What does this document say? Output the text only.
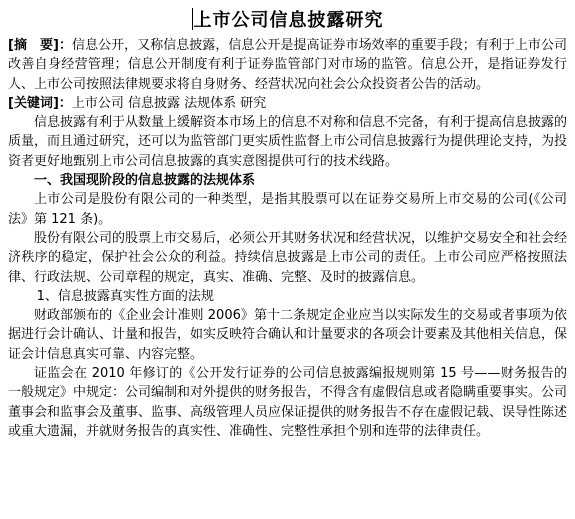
上市公司信息披露研究

[摘　要]：信息公开，又称信息披露，信息公开是提高证券市场效率的重要手段；有利于上市公司改善自身经营管理；信息公开制度有利于证券监管部门对市场的监管。信息公开，是指证券发行人、上市公司按照法律规要求将自身财务、经营状况向社会公众投资者公告的活动。

[关键词]：上市公司 信息披露 法规体系 研究

信息披露有利于从数量上缓解资本市场上的信息不对称和信息不完备，有利于提高信息披露的质量，而且通过研究，还可以为监管部门更实质性监督上市公司信息披露行为提供理论支持，为投资者更好地甄别上市公司信息披露的真实意图提供可行的技术线路。

一、我国现阶段的信息披露的法规体系

上市公司是股份有限公司的一种类型，是指其股票可以在证券交易所上市交易的公司(《公司法》第 121 条)。

股份有限公司的股票上市交易后，必须公开其财务状况和经营状况，以维护交易安全和社会经济秩序的稳定，保护社会公众的利益。持续信息披露是上市公司的责任。上市公司应严格按照法律、行政法规、公司章程的规定，真实、准确、完整、及时的披露信息。

1、信息披露真实性方面的法规

财政部颁布的《企业会计准则 2006》第十二条规定企业应当以实际发生的交易或者事项为依据进行会计确认、计量和报告，如实反映符合确认和计量要求的各项会计要素及其他相关信息，保证会计信息真实可靠、内容完整。

证监会在 2010 年修订的《公开发行证券的公司信息披露编报规则第 15 号——财务报告的一般规定》中规定：公司编制和对外提供的财务报告，不得含有虚假信息或者隐瞒重要事实。公司董事会和监事会及董事、监事、高级管理人员应保证提供的财务报告不存在虚假记载、误导性陈述或重大遗漏，并就财务报告的真实性、准确性、完整性承担个别和连带的法律责任。
